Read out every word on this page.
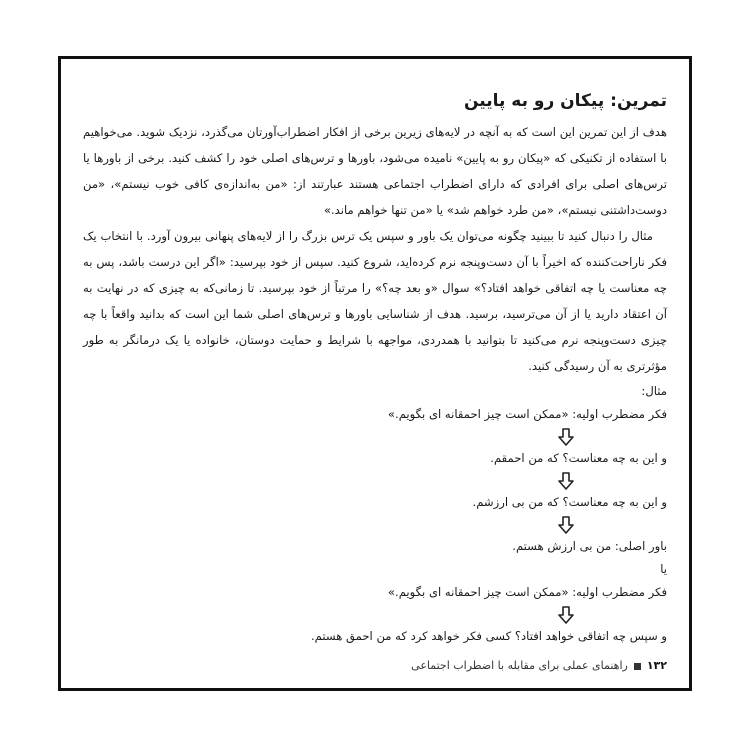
تمرین: پیکان رو به پایین

هدف از این تمرین این است که به آنچه در لایه‌های زیرین برخی از افکار اضطراب‌آورتان می‌گذرد، نزدیک شوید. می‌خواهیم با استفاده از تکنیکی که «پیکان رو به پایین» نامیده می‌شود، باورها و ترس‌های اصلی خود را کشف کنید. برخی از باورها یا ترس‌های اصلی برای افرادی که دارای اضطراب اجتماعی هستند عبارتند از: «من به‌اندازه‌ی کافی خوب نیستم»، «من دوست‌داشتنی نیستم»، «من طرد خواهم شد» یا «من تنها خواهم ماند.»

مثال را دنبال کنید تا ببینید چگونه می‌توان یک باور و سپس یک ترس بزرگ را از لایه‌های پنهانی بیرون آورد. با انتخاب یک فکر ناراحت‌کننده که اخیراً با آن دست‌وپنجه نرم کرده‌اید، شروع کنید. سپس از خود بپرسید: «اگر این درست باشد، پس به چه معناست یا چه اتفاقی خواهد افتاد؟» سوال «و بعد چه؟» را مرتباً از خود بپرسید. تا زمانی‌که به چیزی که در نهایت به آن اعتقاد دارید یا از آن می‌ترسید، برسید. هدف از شناسایی باورها و ترس‌های اصلی شما این است که بدانید واقعاً با چه چیزی دست‌وپنجه نرم می‌کنید تا بتوانید با همدردی، مواجهه با شرایط و حمایت دوستان، خانواده یا یک درمانگر به طور مؤثرتری به آن رسیدگی کنید.

مثال:

فکر مضطرب اولیه: «ممکن است چیز احمقانه ای بگویم.»

و این به چه معناست؟ که من احمقم.

و این به چه معناست؟ که من بی ارزشم.

باور اصلی: من بی ارزش هستم.

یا

فکر مضطرب اولیه: «ممکن است چیز احمقانه ای بگویم.»

و سپس چه اتفاقی خواهد افتاد؟ کسی فکر خواهد کرد که من احمق هستم.

۱۳۲راهنمای عملی برای مقابله با اضطراب اجتماعی
